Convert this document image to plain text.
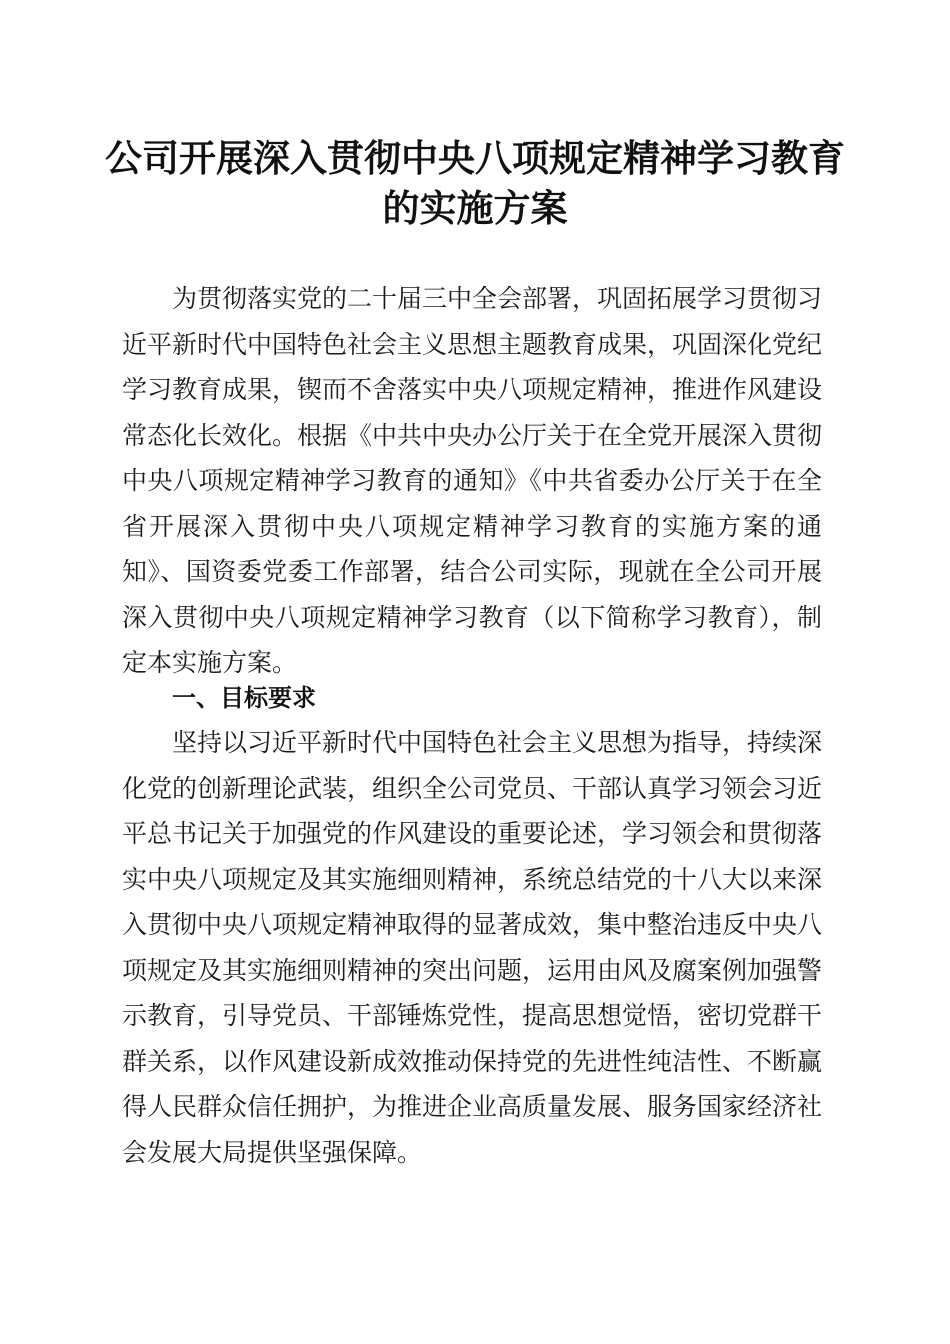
公司开展深入贯彻中央八项规定精神学习教育
的实施方案

为贯彻落实党的二十届三中全会部署，巩固拓展学习贯彻习近平新时代中国特色社会主义思想主题教育成果，巩固深化党纪学习教育成果，锲而不舍落实中央八项规定精神，推进作风建设常态化长效化。根据《中共中央办公厅关于在全党开展深入贯彻中央八项规定精神学习教育的通知》《中共省委办公厅关于在全省开展深入贯彻中央八项规定精神学习教育的实施方案的通知》、国资委党委工作部署，结合公司实际，现就在全公司开展深入贯彻中央八项规定精神学习教育（以下简称学习教育），制定本实施方案。

一、目标要求

坚持以习近平新时代中国特色社会主义思想为指导，持续深化党的创新理论武装，组织全公司党员、干部认真学习领会习近平总书记关于加强党的作风建设的重要论述，学习领会和贯彻落实中央八项规定及其实施细则精神，系统总结党的十八大以来深入贯彻中央八项规定精神取得的显著成效，集中整治违反中央八项规定及其实施细则精神的突出问题，运用由风及腐案例加强警示教育，引导党员、干部锤炼党性，提高思想觉悟，密切党群干群关系，以作风建设新成效推动保持党的先进性纯洁性、不断赢得人民群众信任拥护，为推进企业高质量发展、服务国家经济社会发展大局提供坚强保障。
